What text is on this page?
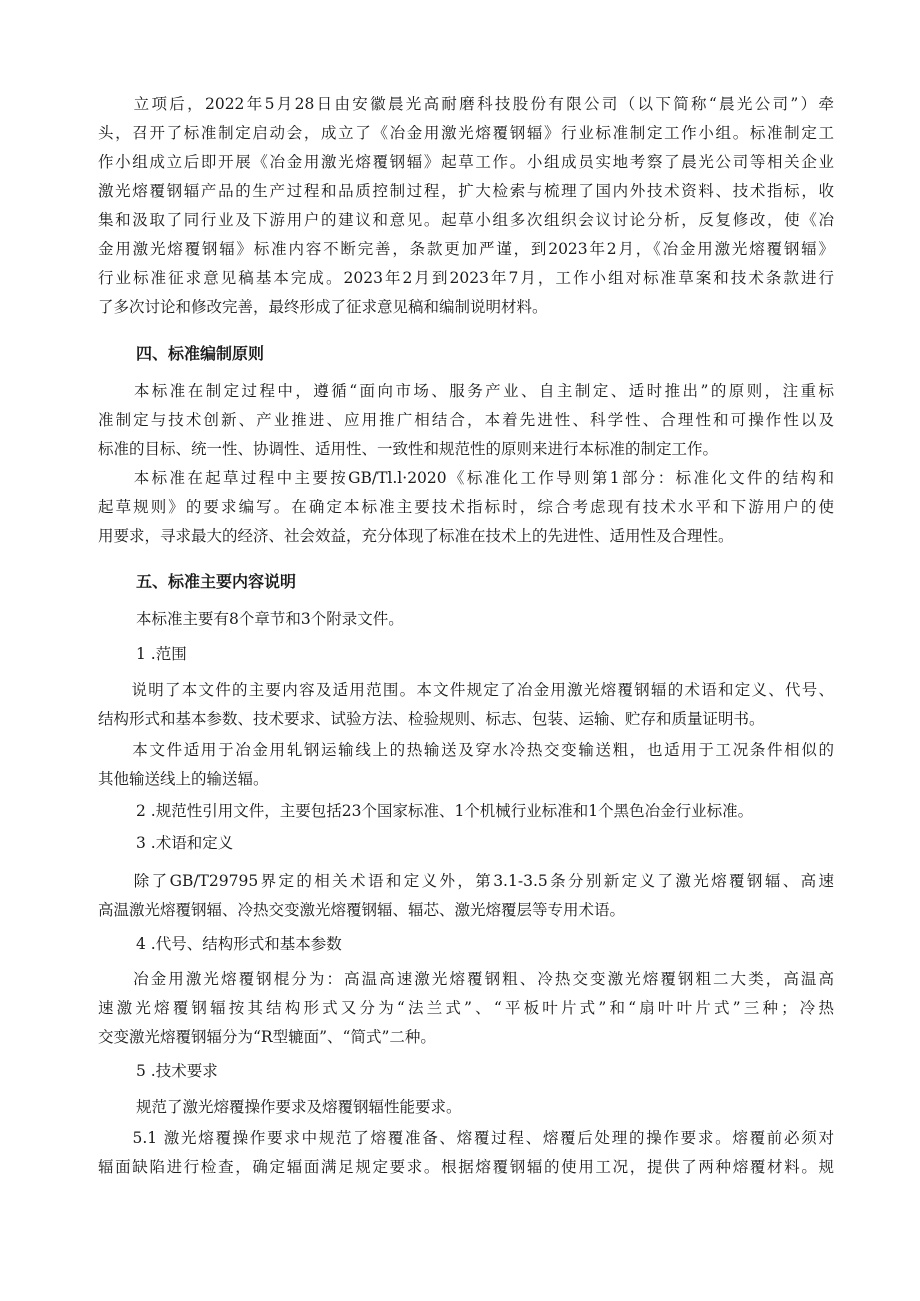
　　立项后，2022年5月28日由安徽晨光高耐磨科技股份有限公司（以下简称“晨光公司”）牵
头，召开了标准制定启动会，成立了《冶金用激光熔覆钢辐》行业标准制定工作小组。标准制定工
作小组成立后即开展《冶金用激光熔覆钢辐》起草工作。小组成员实地考察了晨光公司等相关企业
激光熔覆钢辐产品的生产过程和品质控制过程，扩大检索与梳理了国内外技术资料、技术指标，收
集和汲取了同行业及下游用户的建议和意见。起草小组多次组织会议讨论分析，反复修改，使《冶
金用激光熔覆钢辐》标准内容不断完善，条款更加严谨，到2023年2月，《冶金用激光熔覆钢辐》
行业标准征求意见稿基本完成。2023年2月到2023年7月，工作小组对标准草案和技术条款进行
了多次讨论和修改完善，最终形成了征求意见稿和编制说明材料。
四、标准编制原则
　　本标准在制定过程中，遵循“面向市场、服务产业、自主制定、适时推出”的原则，注重标
准制定与技术创新、产业推进、应用推广相结合，本着先进性、科学性、合理性和可操作性以及
标准的目标、统一性、协调性、适用性、一致性和规范性的原则来进行本标准的制定工作。
　　本标准在起草过程中主要按GB/Tl.l·2020《标准化工作导则第1部分：标准化文件的结构和
起草规则》的要求编写。在确定本标准主要技术指标时，综合考虑现有技术水平和下游用户的使
用要求，寻求最大的经济、社会效益，充分体现了标准在技术上的先进性、适用性及合理性。
五、标准主要内容说明
本标准主要有8个章节和3个附录文件。
1 .范围
　　说明了本文件的主要内容及适用范围。本文件规定了冶金用激光熔覆钢辐的术语和定义、代号、
结构形式和基本参数、技术要求、试验方法、检验规则、标志、包装、运输、贮存和质量证明书。
　　本文件适用于冶金用轧钢运输线上的热输送及穿水冷热交变输送粗，也适用于工况条件相似的
其他输送线上的输送辐。
2 .规范性引用文件，主要包括23个国家标准、1个机械行业标准和1个黑色冶金行业标准。
3 .术语和定义
　　除了GB/T29795界定的相关术语和定义外，第3.1-3.5条分别新定义了激光熔覆钢辐、高速
高温激光熔覆钢辐、冷热交变激光熔覆钢辐、辐芯、激光熔覆层等专用术语。
4 .代号、结构形式和基本参数
　　冶金用激光熔覆钢棍分为：高温高速激光熔覆钢粗、冷热交变激光熔覆钢粗二大类，高温高
速激光熔覆钢辐按其结构形式又分为“法兰式”、“平板叶片式”和“扇叶叶片式”三种；冷热
交变激光熔覆钢辐分为“R型辘面”、“简式”二种。
5 .技术要求
规范了激光熔覆操作要求及熔覆钢辐性能要求。
　　5.1 激光熔覆操作要求中规范了熔覆准备、熔覆过程、熔覆后处理的操作要求。熔覆前必须对
辐面缺陷进行检查，确定辐面满足规定要求。根据熔覆钢辐的使用工况，提供了两种熔覆材料。规
